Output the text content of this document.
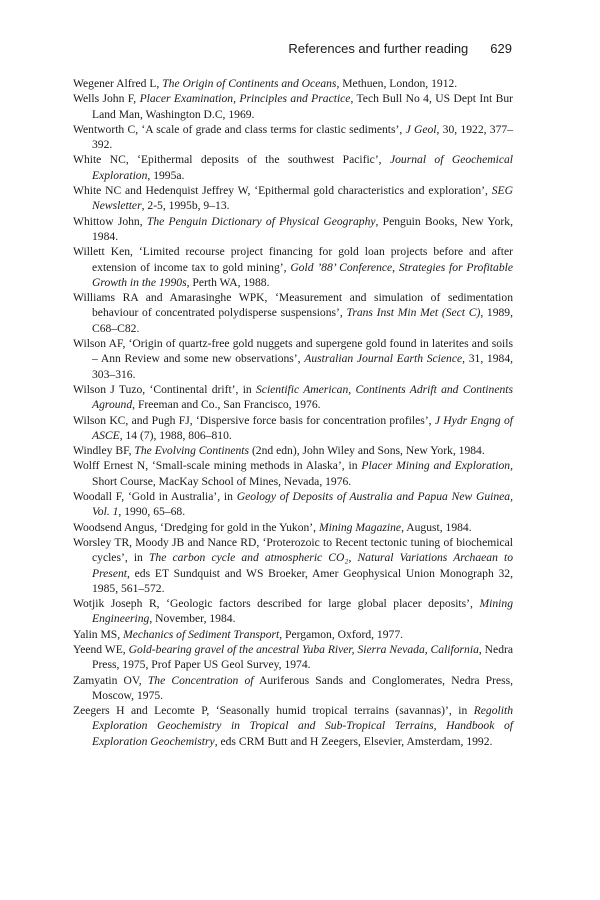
References and further reading 629
Wegener Alfred L, The Origin of Continents and Oceans, Methuen, London, 1912.
Wells John F, Placer Examination, Principles and Practice, Tech Bull No 4, US Dept Int Bur Land Man, Washington D.C, 1969.
Wentworth C, ‘A scale of grade and class terms for clastic sediments’, J Geol, 30, 1922, 377–392.
White NC, ‘Epithermal deposits of the southwest Pacific’, Journal of Geochemical Exploration, 1995a.
White NC and Hedenquist Jeffrey W, ‘Epithermal gold characteristics and exploration’, SEG Newsletter, 2-5, 1995b, 9–13.
Whittow John, The Penguin Dictionary of Physical Geography, Penguin Books, New York, 1984.
Willett Ken, ‘Limited recourse project financing for gold loan projects before and after extension of income tax to gold mining’, Gold ’88’ Conference, Strategies for Profitable Growth in the 1990s, Perth WA, 1988.
Williams RA and Amarasinghe WPK, ‘Measurement and simulation of sedimentation behaviour of concentrated polydisperse suspensions’, Trans Inst Min Met (Sect C), 1989, C68–C82.
Wilson AF, ‘Origin of quartz-free gold nuggets and supergene gold found in laterites and soils – Ann Review and some new observations’, Australian Journal Earth Science, 31, 1984, 303–316.
Wilson J Tuzo, ‘Continental drift’, in Scientific American, Continents Adrift and Continents Aground, Freeman and Co., San Francisco, 1976.
Wilson KC, and Pugh FJ, ‘Dispersive force basis for concentration profiles’, J Hydr Engng of ASCE, 14 (7), 1988, 806–810.
Windley BF, The Evolving Continents (2nd edn), John Wiley and Sons, New York, 1984.
Wolff Ernest N, ‘Small-scale mining methods in Alaska’, in Placer Mining and Exploration, Short Course, MacKay School of Mines, Nevada, 1976.
Woodall F, ‘Gold in Australia’, in Geology of Deposits of Australia and Papua New Guinea, Vol. 1, 1990, 65–68.
Woodsend Angus, ‘Dredging for gold in the Yukon’, Mining Magazine, August, 1984.
Worsley TR, Moody JB and Nance RD, ‘Proterozoic to Recent tectonic tuning of biochemical cycles’, in The carbon cycle and atmospheric CO₂, Natural Variations Archaean to Present, eds ET Sundquist and WS Broeker, Amer Geophysical Union Monograph 32, 1985, 561–572.
Wotjik Joseph R, ‘Geologic factors described for large global placer deposits’, Mining Engineering, November, 1984.
Yalin MS, Mechanics of Sediment Transport, Pergamon, Oxford, 1977.
Yeend WE, Gold-bearing gravel of the ancestral Yuba River, Sierra Nevada, California, Nedra Press, 1975, Prof Paper US Geol Survey, 1974.
Zamyatin OV, The Concentration of Auriferous Sands and Conglomerates, Nedra Press, Moscow, 1975.
Zeegers H and Lecomte P, ‘Seasonally humid tropical terrains (savannas)’, in Regolith Exploration Geochemistry in Tropical and Sub-Tropical Terrains, Handbook of Exploration Geochemistry, eds CRM Butt and H Zeegers, Elsevier, Amsterdam, 1992.
